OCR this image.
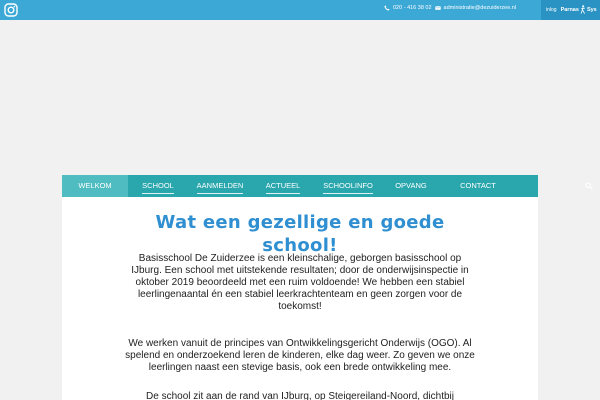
020 - 416 38 02 administratie@dezuiderzee.nl	inlog Parnas Sys
WELKOM	SCHOOL	AANMELDEN	ACTUEEL	SCHOOLINFO	OPVANG	CONTACT
Wat een gezellige en goede school!

Basisschool De Zuiderzee is een kleinschalige, geborgen basisschool op IJburg. Een school met uitstekende resultaten; door de onderwijsinspectie in oktober 2019 beoordeeld met een ruim voldoende! We hebben een stabiel leerlingenaantal én een stabiel leerkrachtenteam en geen zorgen voor de toekomst!

We werken vanuit de principes van Ontwikkelingsgericht Onderwijs (OGO). Al spelend en onderzoekend leren de kinderen, elke dag weer. Zo geven we onze leerlingen naast een stevige basis, ook een brede ontwikkeling mee.

De school zit aan de rand van IJburg, op Steigereiland-Noord, dichtbij
